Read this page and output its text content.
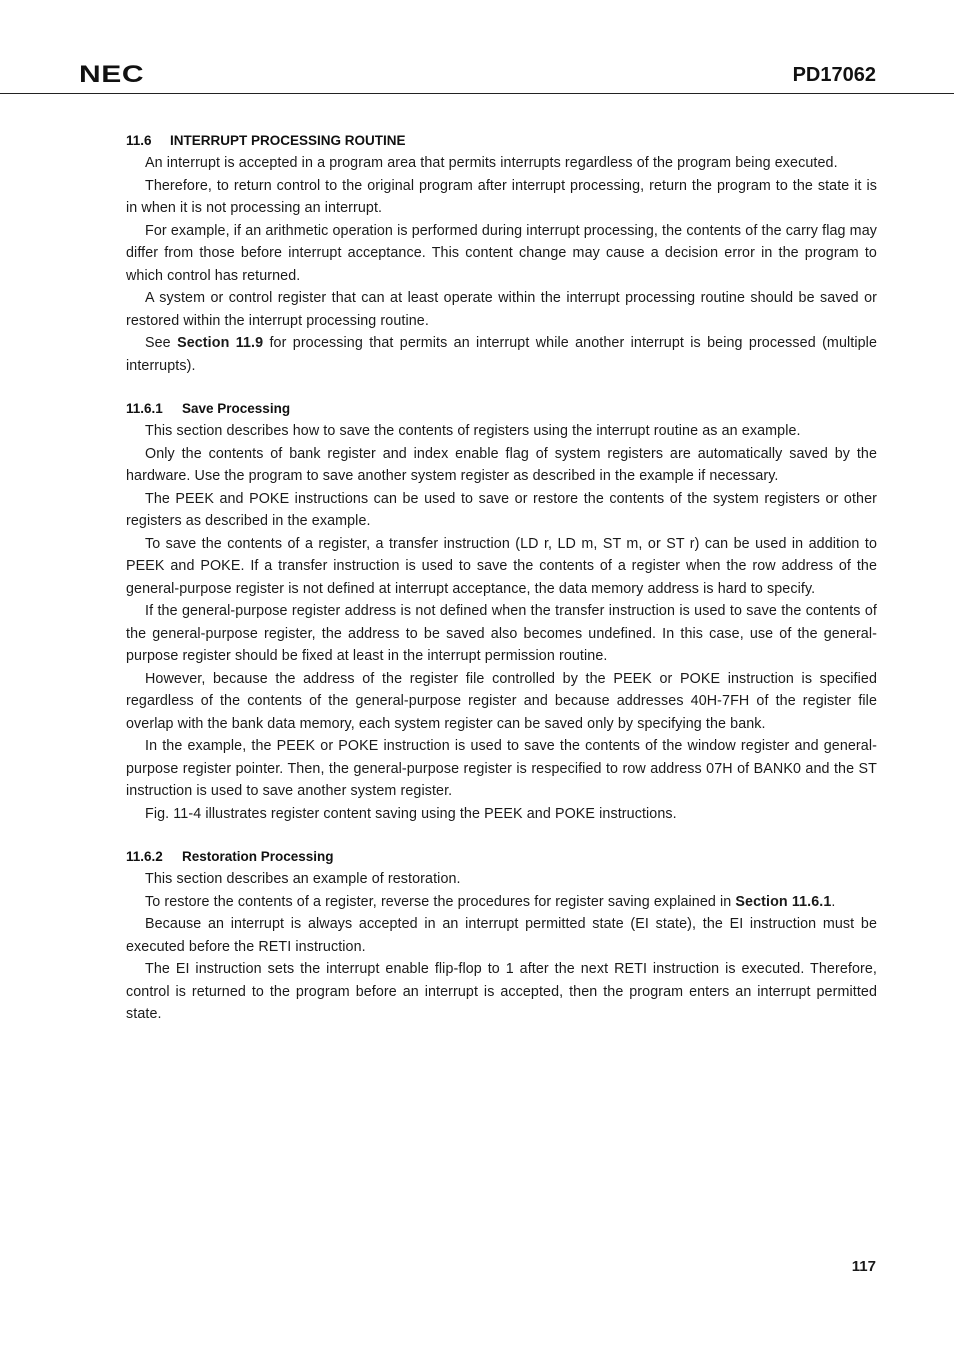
NEC	PD17062
11.6 INTERRUPT PROCESSING ROUTINE

An interrupt is accepted in a program area that permits interrupts regardless of the program being executed.

Therefore, to return control to the original program after interrupt processing, return the program to the state it is in when it is not processing an interrupt.

For example, if an arithmetic operation is performed during interrupt processing, the contents of the carry flag may differ from those before interrupt acceptance. This content change may cause a decision error in the program to which control has returned.

A system or control register that can at least operate within the interrupt processing routine should be saved or restored within the interrupt processing routine.

See Section 11.9 for processing that permits an interrupt while another interrupt is being processed (multiple interrupts).

11.6.1 Save Processing

This section describes how to save the contents of registers using the interrupt routine as an example.

Only the contents of bank register and index enable flag of system registers are automatically saved by the hardware. Use the program to save another system register as described in the example if necessary.

The PEEK and POKE instructions can be used to save or restore the contents of the system registers or other registers as described in the example.

To save the contents of a register, a transfer instruction (LD r, LD m, ST m, or ST r) can be used in addition to PEEK and POKE. If a transfer instruction is used to save the contents of a register when the row address of the general-purpose register is not defined at interrupt acceptance, the data memory address is hard to specify.

If the general-purpose register address is not defined when the transfer instruction is used to save the contents of the general-purpose register, the address to be saved also becomes undefined. In this case, use of the general-purpose register should be fixed at least in the interrupt permission routine.

However, because the address of the register file controlled by the PEEK or POKE instruction is specified regardless of the contents of the general-purpose register and because addresses 40H-7FH of the register file overlap with the bank data memory, each system register can be saved only by specifying the bank.

In the example, the PEEK or POKE instruction is used to save the contents of the window register and general-purpose register pointer. Then, the general-purpose register is respecified to row address 07H of BANK0 and the ST instruction is used to save another system register.

Fig. 11-4 illustrates register content saving using the PEEK and POKE instructions.

11.6.2 Restoration Processing

This section describes an example of restoration.

To restore the contents of a register, reverse the procedures for register saving explained in Section 11.6.1.

Because an interrupt is always accepted in an interrupt permitted state (EI state), the EI instruction must be executed before the RETI instruction.

The EI instruction sets the interrupt enable flip-flop to 1 after the next RETI instruction is executed. Therefore, control is returned to the program before an interrupt is accepted, then the program enters an interrupt permitted state.

117
